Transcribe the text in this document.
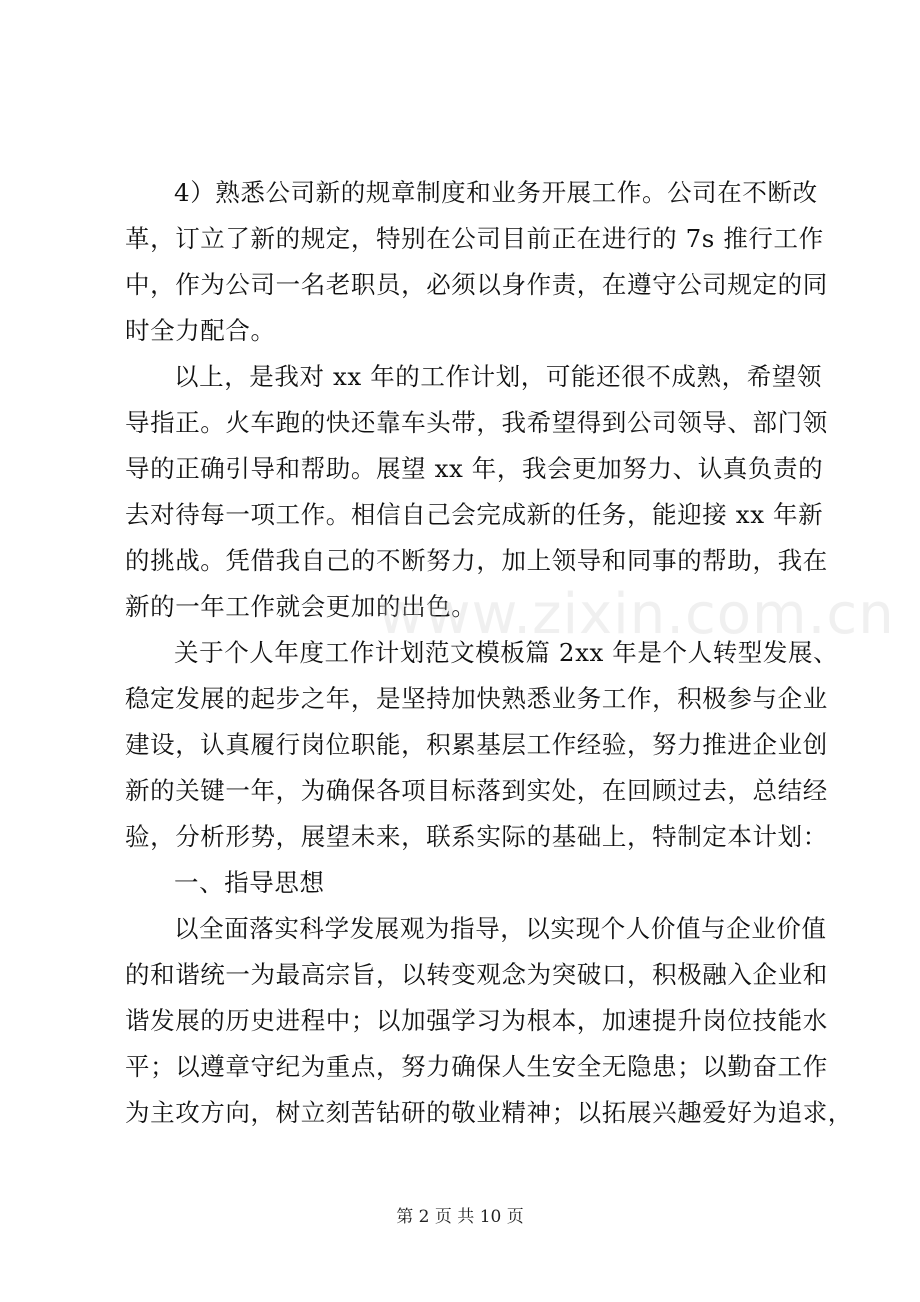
4）熟悉公司新的规章制度和业务开展工作。公司在不断改
革，订立了新的规定，特别在公司目前正在进行的 7s 推行工作
中，作为公司一名老职员，必须以身作责，在遵守公司规定的同
时全力配合。
以上，是我对 xx 年的工作计划，可能还很不成熟，希望领
导指正。火车跑的快还靠车头带，我希望得到公司领导、部门领
导的正确引导和帮助。展望 xx 年，我会更加努力、认真负责的
去对待每一项工作。相信自己会完成新的任务，能迎接 xx 年新
的挑战。凭借我自己的不断努力，加上领导和同事的帮助，我在
新的一年工作就会更加的出色。
关于个人年度工作计划范文模板篇 2xx 年是个人转型发展、
稳定发展的起步之年，是坚持加快熟悉业务工作，积极参与企业
建设，认真履行岗位职能，积累基层工作经验，努力推进企业创
新的关键一年，为确保各项目标落到实处，在回顾过去，总结经
验，分析形势，展望未来，联系实际的基础上，特制定本计划：
一、指导思想
以全面落实科学发展观为指导，以实现个人价值与企业价值
的和谐统一为最高宗旨，以转变观念为突破口，积极融入企业和
谐发展的历史进程中；以加强学习为根本，加速提升岗位技能水
平；以遵章守纪为重点，努力确保人生安全无隐患；以勤奋工作
为主攻方向，树立刻苦钻研的敬业精神；以拓展兴趣爱好为追求，
www.zixin.com.cn
第 2 页 共 10 页
